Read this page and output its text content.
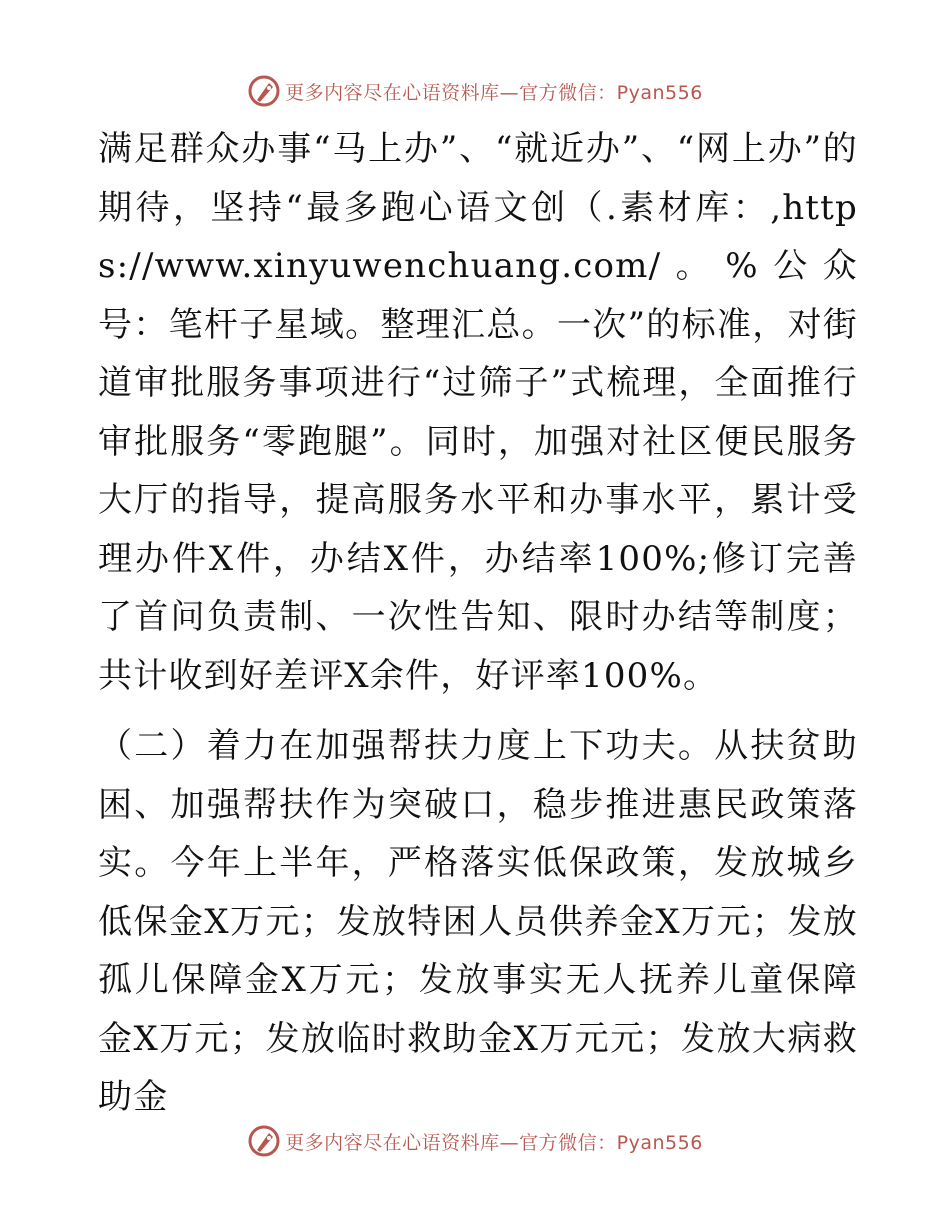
更多内容尽在心语资料库—官方微信：Pyan556

满足群众办事“马上办”、“就近办”、“网上办”的期待，坚持“最多跑心语文创（.素材库：,https://www.xinyuwenchuang.com/。%公众号：笔杆子星域。整理汇总。一次”的标准，对街道审批服务事项进行“过筛子”式梳理，全面推行审批服务“零跑腿”。同时，加强对社区便民服务大厅的指导，提高服务水平和办事水平，累计受理办件X件，办结X件，办结率100%;修订完善了首问负责制、一次性告知、限时办结等制度；共计收到好差评X余件，好评率100%。

（二）着力在加强帮扶力度上下功夫。从扶贫助困、加强帮扶作为突破口，稳步推进惠民政策落实。今年上半年，严格落实低保政策，发放城乡低保金X万元；发放特困人员供养金X万元；发放孤儿保障金X万元；发放事实无人抚养儿童保障金X万元；发放临时救助金X万元元；发放大病救助金

更多内容尽在心语资料库—官方微信：Pyan556
